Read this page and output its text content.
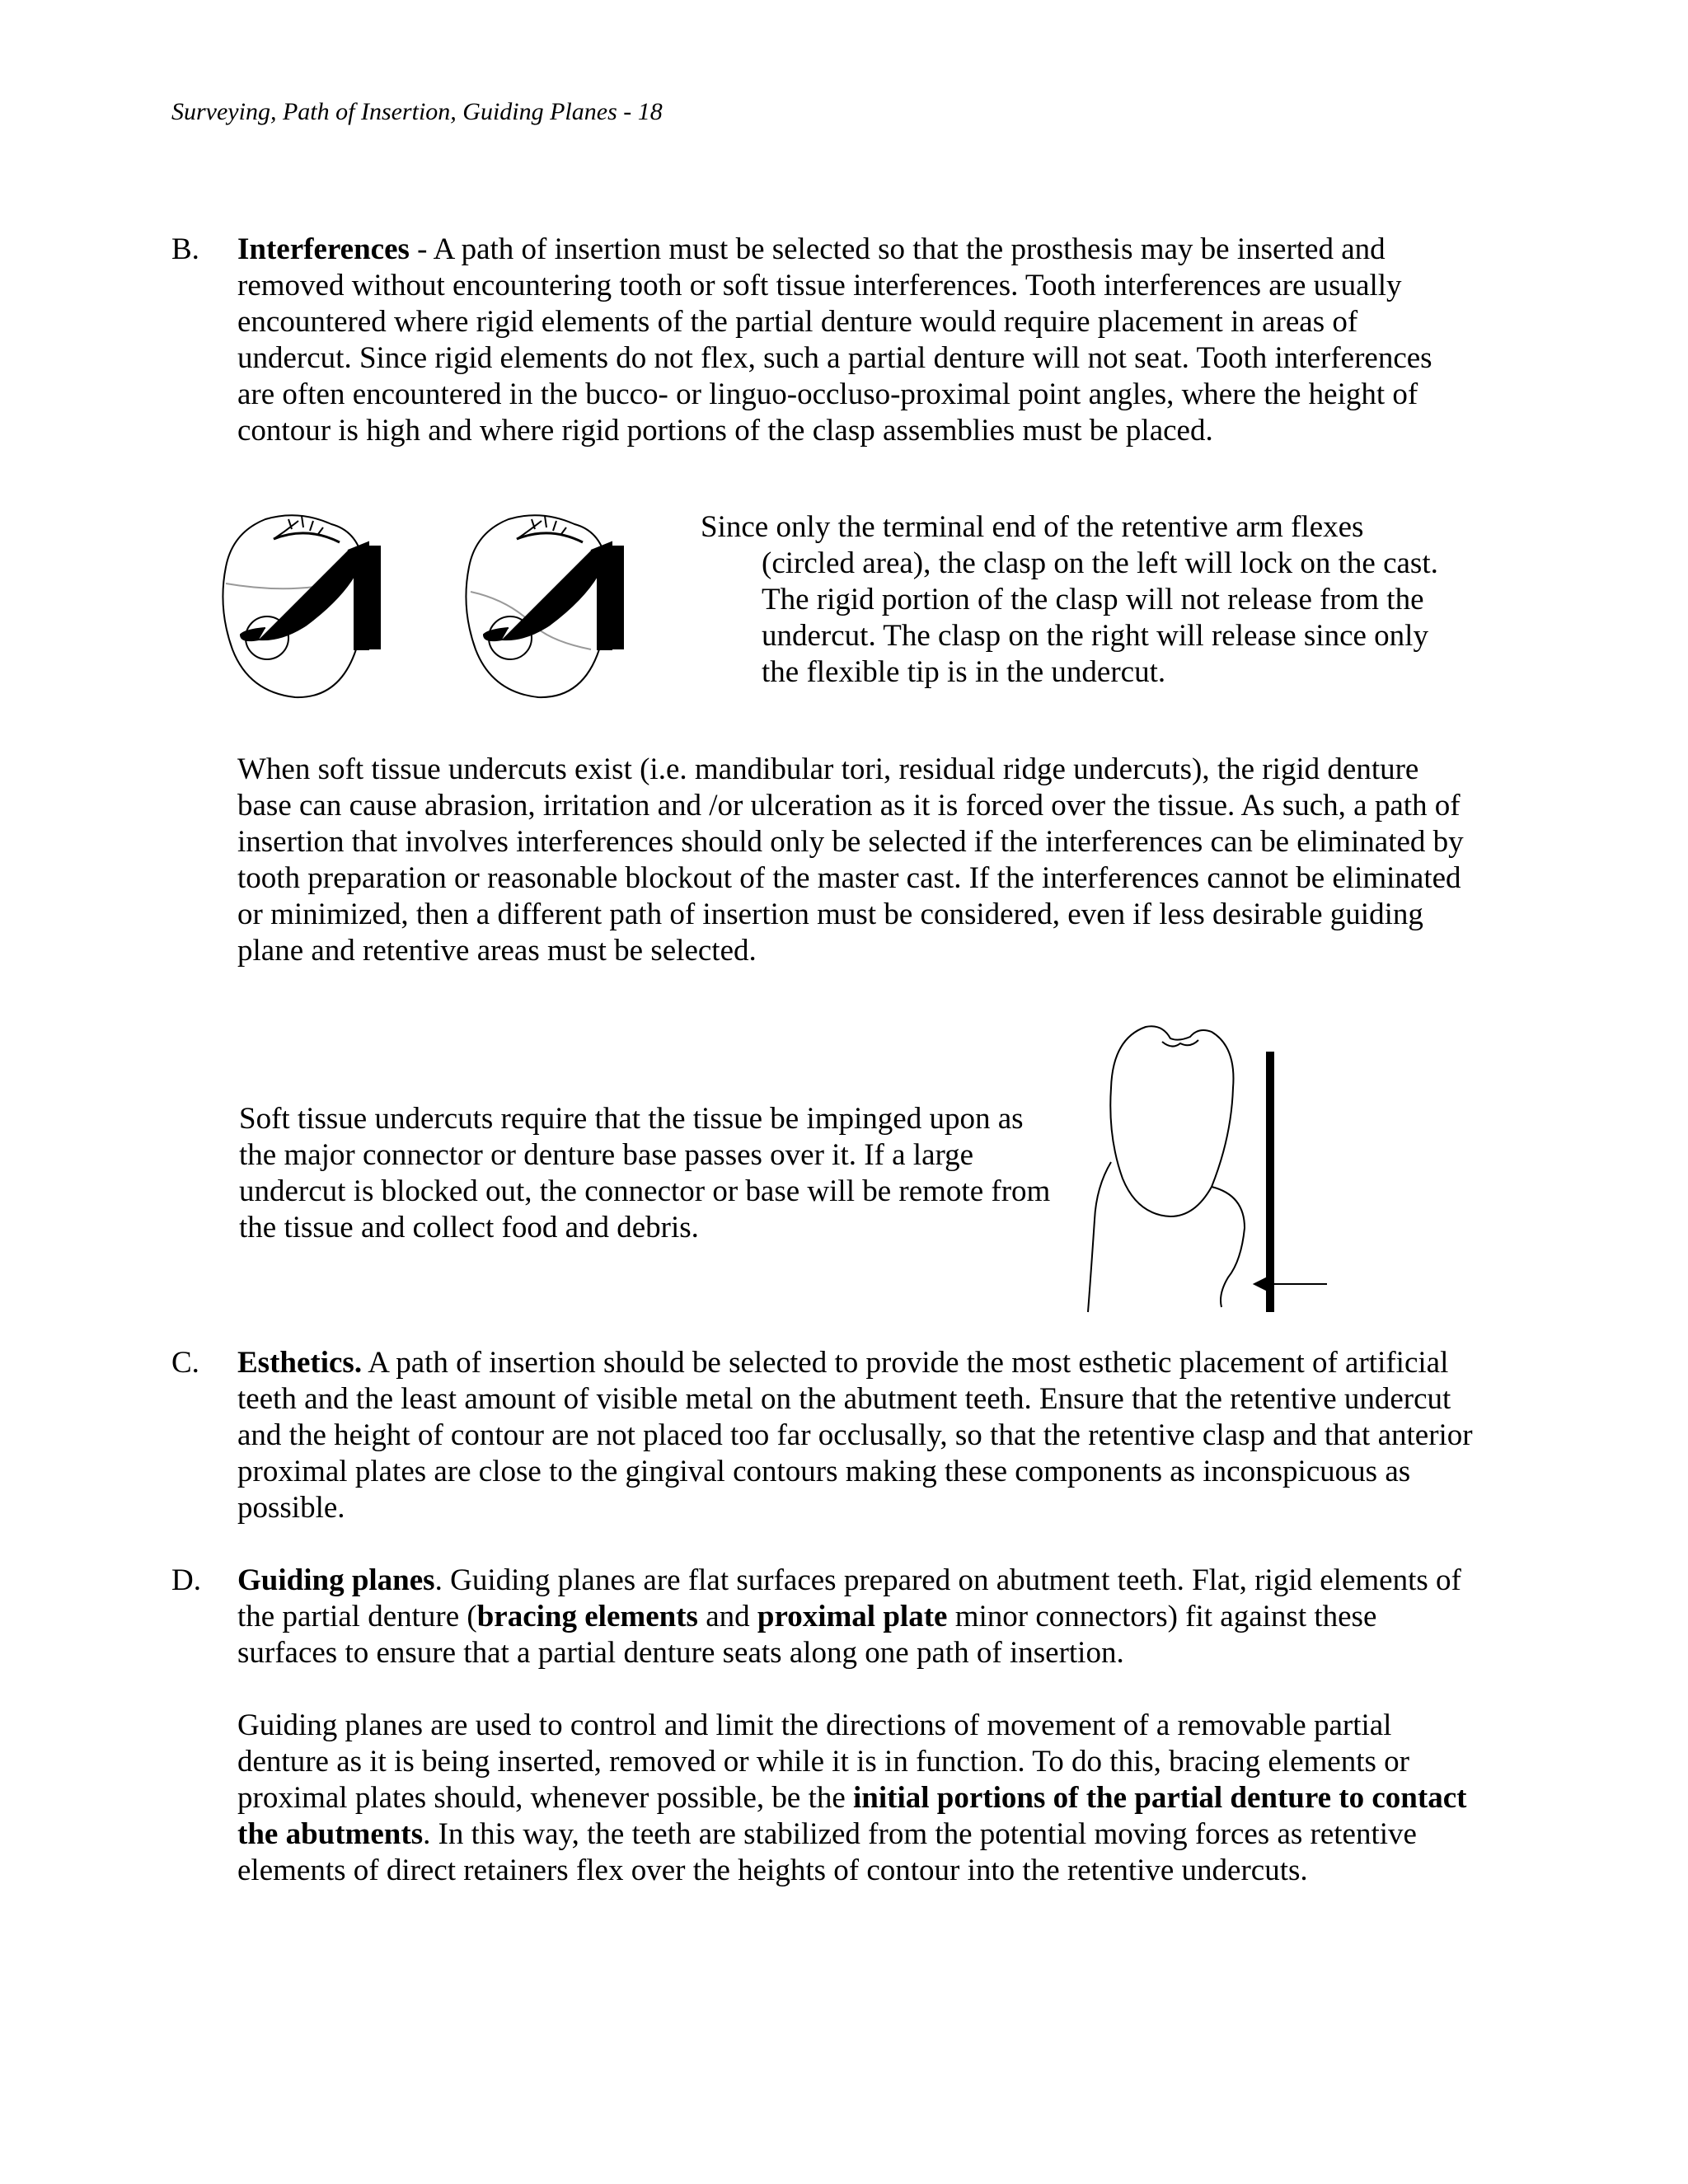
Surveying, Path of Insertion, Guiding Planes - 18
B. Interferences - A path of insertion must be selected so that the prosthesis may be inserted and removed without encountering tooth or soft tissue interferences. Tooth interferences are usually encountered where rigid elements of the partial denture would require placement in areas of undercut. Since rigid elements do not flex, such a partial denture will not seat. Tooth interferences are often encountered in the bucco- or linguo-occluso-proximal point angles, where the height of contour is high and where rigid portions of the clasp assemblies must be placed.

Since only the terminal end of the retentive arm flexes (circled area), the clasp on the left will lock on the cast. The rigid portion of the clasp will not release from the undercut. The clasp on the right will release since only the flexible tip is in the undercut.

When soft tissue undercuts exist (i.e. mandibular tori, residual ridge undercuts), the rigid denture base can cause abrasion, irritation and /or ulceration as it is forced over the tissue. As such, a path of insertion that involves interferences should only be selected if the interferences can be eliminated by tooth preparation or reasonable blockout of the master cast. If the interferences cannot be eliminated or minimized, then a different path of insertion must be considered, even if less desirable guiding plane and retentive areas must be selected.

Soft tissue undercuts require that the tissue be impinged upon as the major connector or denture base passes over it. If a large undercut is blocked out, the connector or base will be remote from the tissue and collect food and debris.

C. Esthetics. A path of insertion should be selected to provide the most esthetic placement of artificial teeth and the least amount of visible metal on the abutment teeth. Ensure that the retentive undercut and the height of contour are not placed too far occlusally, so that the retentive clasp and that anterior proximal plates are close to the gingival contours making these components as inconspicuous as possible.

D. Guiding planes. Guiding planes are flat surfaces prepared on abutment teeth. Flat, rigid elements of the partial denture (bracing elements and proximal plate minor connectors) fit against these surfaces to ensure that a partial denture seats along one path of insertion.

Guiding planes are used to control and limit the directions of movement of a removable partial denture as it is being inserted, removed or while it is in function. To do this, bracing elements or proximal plates should, whenever possible, be the initial portions of the partial denture to contact the abutments. In this way, the teeth are stabilized from the potential moving forces as retentive elements of direct retainers flex over the heights of contour into the retentive undercuts.
